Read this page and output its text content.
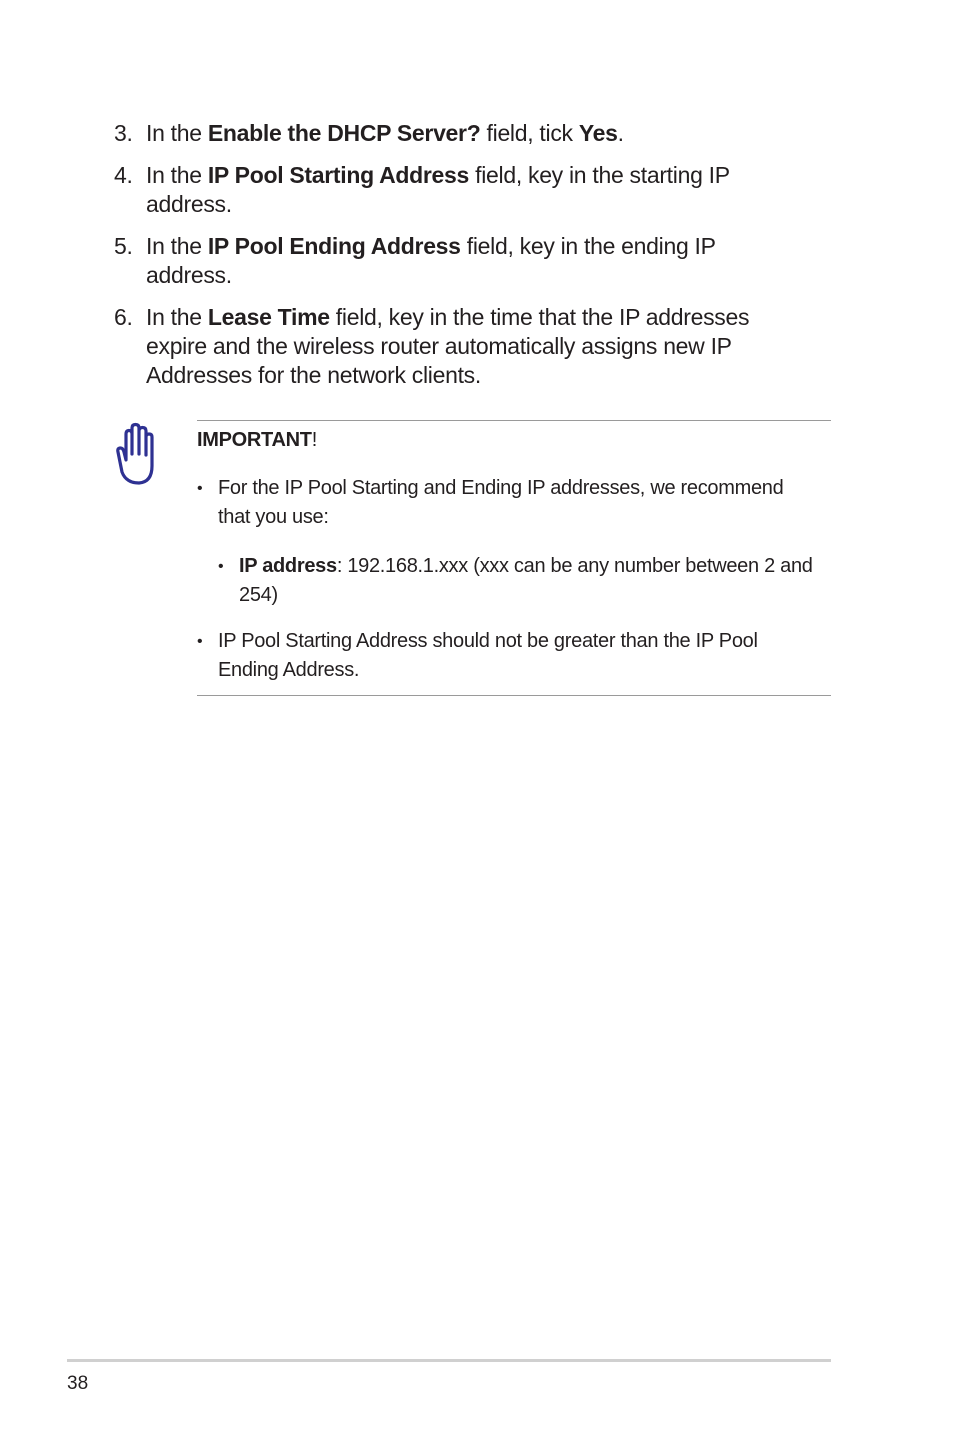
3. In the Enable the DHCP Server? field, tick Yes.
4. In the IP Pool Starting Address field, key in the starting IP address.
5. In the IP Pool Ending Address field, key in the ending IP address.
6. In the Lease Time field, key in the time that the IP addresses expire and the wireless router automatically assigns new IP Addresses for the network clients.
IMPORTANT!
• For the IP Pool Starting and Ending IP addresses, we recommend that you use:
• IP address: 192.168.1.xxx (xxx can be any number between 2 and 254)
• IP Pool Starting Address should not be greater than the IP Pool Ending Address.
38
